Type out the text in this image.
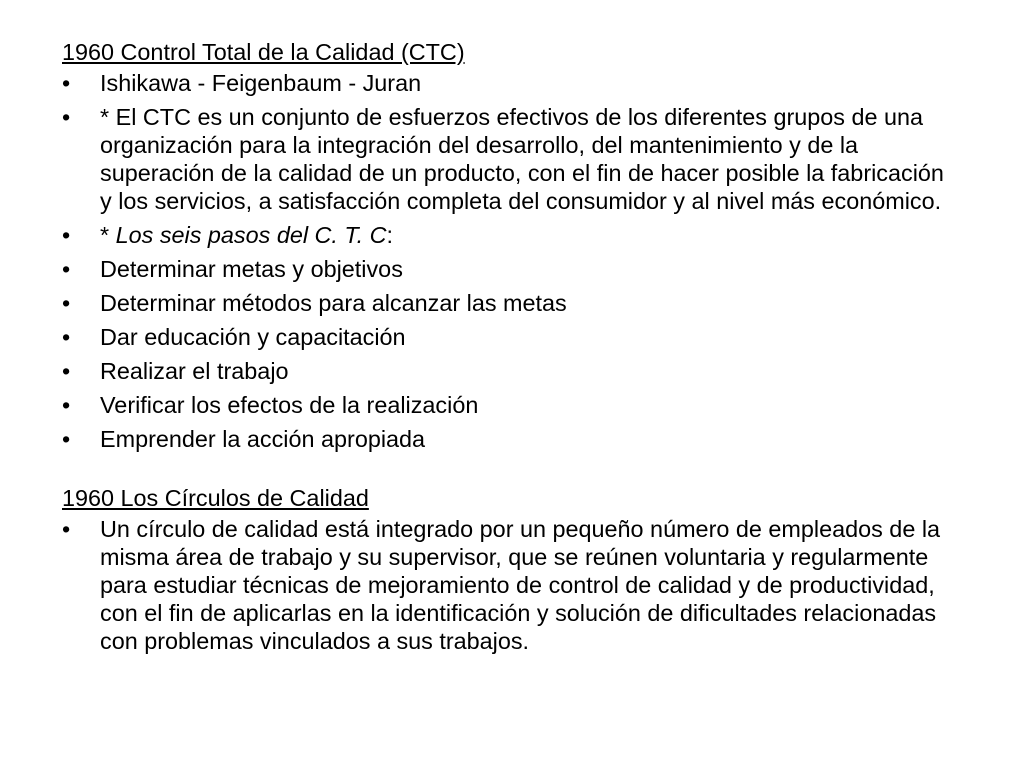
1960 Control Total de la Calidad (CTC)

•	Ishikawa - Feigenbaum - Juran
•	* El CTC es un conjunto de esfuerzos efectivos de los diferentes grupos de una organización para la integración del desarrollo, del mantenimiento y de la superación de la calidad de un producto, con el fin de hacer posible la fabricación y los servicios, a satisfacción completa del consumidor y al nivel más económico.
•	* Los seis pasos del C. T. C:
•	Determinar metas y objetivos
•	Determinar métodos para alcanzar las metas
•	Dar educación y capacitación
•	Realizar el trabajo
•	Verificar los efectos de la realización
•	Emprender la acción apropiada

1960 Los Círculos de Calidad

•	Un círculo de calidad está integrado por un pequeño número de empleados de la misma área de trabajo y su supervisor, que se reúnen voluntaria y regularmente para estudiar técnicas de mejoramiento de control de calidad y de productividad, con el fin de aplicarlas en la identificación y solución de dificultades relacionadas con problemas vinculados a sus trabajos.
